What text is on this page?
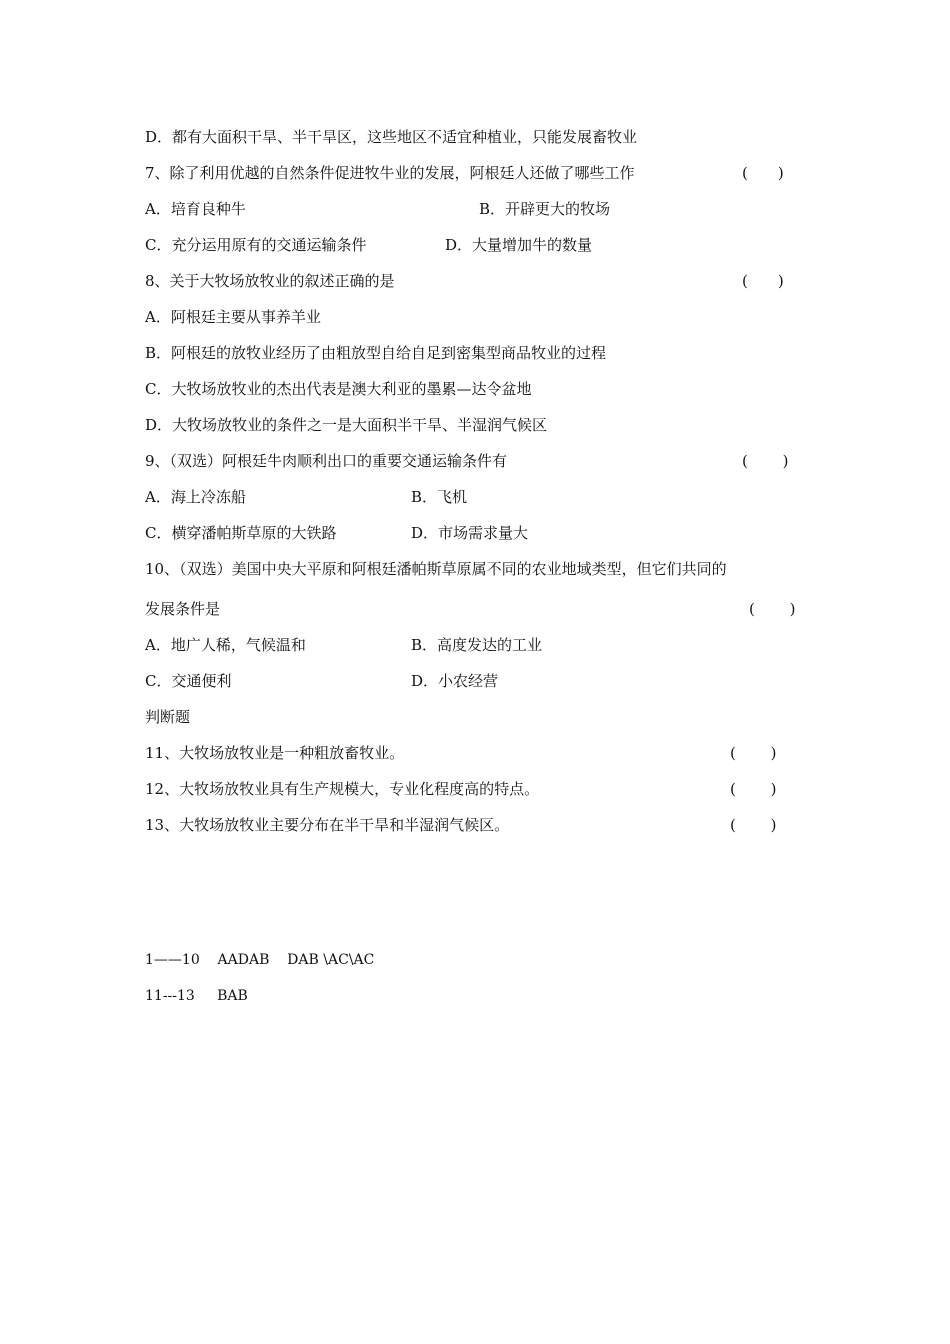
D．都有大面积干旱、半干旱区，这些地区不适宜种植业，只能发展畜牧业
7、除了利用优越的自然条件促进牧牛业的发展，阿根廷人还做了哪些工作	(　　)
A．培育良种牛	B．开辟更大的牧场
C．充分运用原有的交通运输条件	D．大量增加牛的数量
8、关于大牧场放牧业的叙述正确的是	(　　)
A．阿根廷主要从事养羊业
B．阿根廷的放牧业经历了由粗放型自给自足到密集型商品牧业的过程
C．大牧场放牧业的杰出代表是澳大利亚的墨累—达令盆地
D．大牧场放牧业的条件之一是大面积半干旱、半湿润气候区
9、（双选）阿根廷牛肉顺利出口的重要交通运输条件有	(　　 )
A．海上冷冻船	B．飞机
C．横穿潘帕斯草原的大铁路	D．市场需求量大
10、（双选）美国中央大平原和阿根廷潘帕斯草原属不同的农业地域类型，但它们共同的
发展条件是	(　　 )
A．地广人稀，气候温和	B．高度发达的工业
C．交通便利	D．小农经营
判断题
11、大牧场放牧业是一种粗放畜牧业。	(　　 )
12、大牧场放牧业具有生产规模大，专业化程度高的特点。	(　　 )
13、大牧场放牧业主要分布在半干旱和半湿润气候区。	(　　 )
1——10    AADAB    DAB \AC\AC
11---13     BAB
